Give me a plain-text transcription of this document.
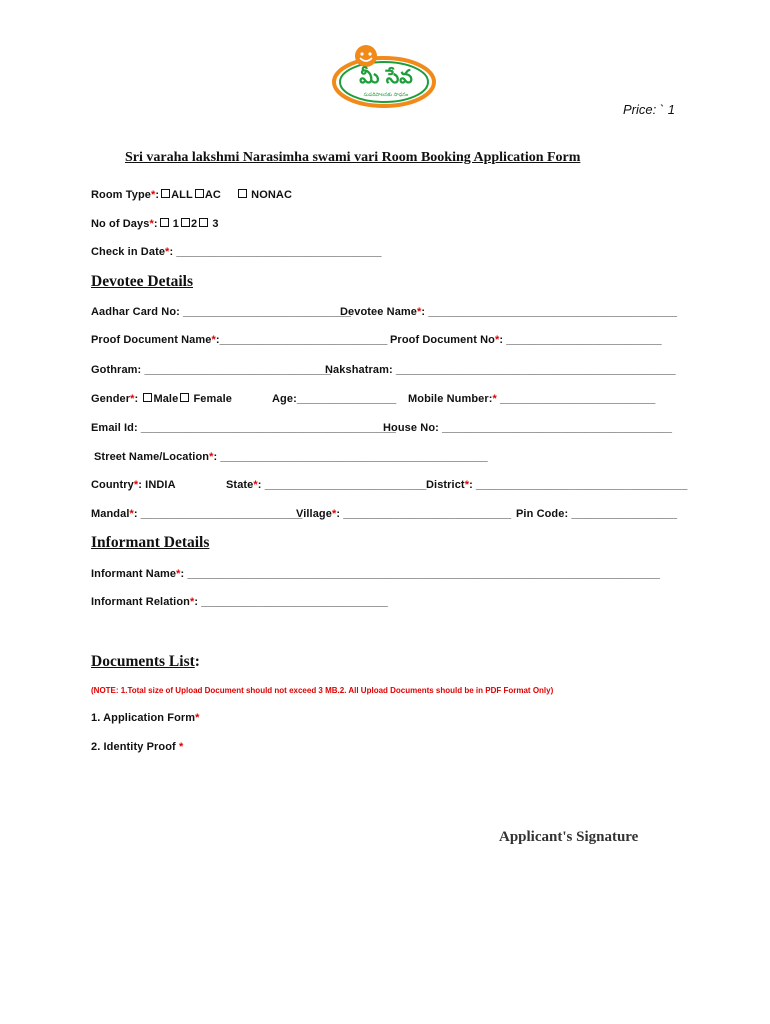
మీ సేవ
సుపరిపాలనకు సాధనం
Price: ` 1
Sri varaha lakshmi Narasimha swami vari Room Booking Application Form
Room Type*: ALL AC	NONAC
No of Days*: 1 2 3
Check in Date*: _________________________________
Devotee Details
Aadhar Card No: ___________________________
Devotee Name*: ________________________________________
Proof Document Name*:___________________________ Proof Document No*: _________________________
Gothram: ______________________________
Nakshatram: _____________________________________________
Gender*: Male Female	Age:________________ Mobile Number:* _________________________
Email Id: _________________________________________
House No: _____________________________________
Street Name/Location*: ___________________________________________
Country*: INDIA	State*: __________________________ District*: __________________________________
Mandal*: __________________________
Village*: ___________________________ Pin Code: _________________
Informant Details
Informant Name*: ____________________________________________________________________________
Informant Relation*: ______________________________
Documents List:
(NOTE: 1.Total size of Upload Document should not exceed 3 MB.2. All Upload Documents should be in PDF Format Only)
1. Application Form*
2. Identity Proof *
Applicant's Signature
